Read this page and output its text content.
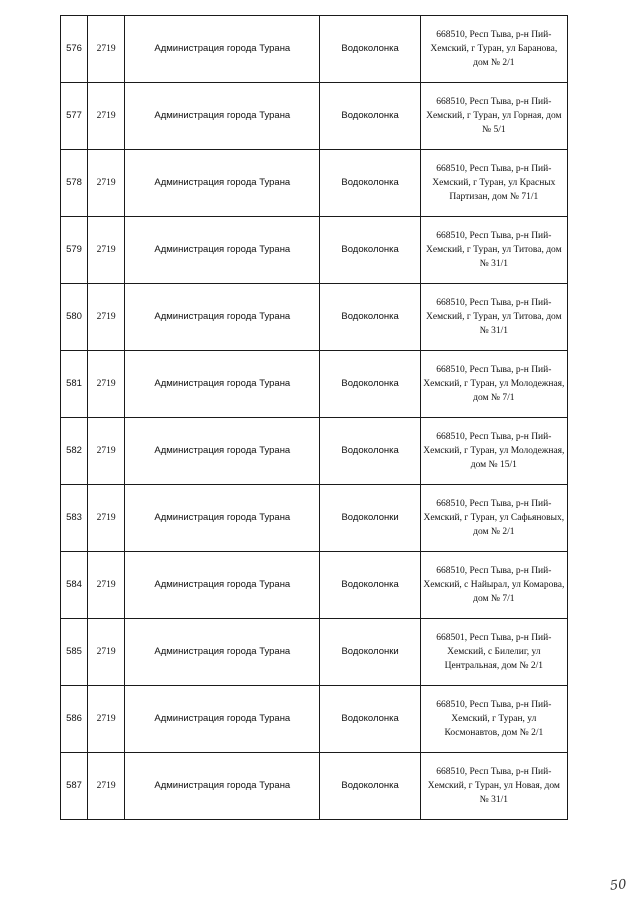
576	2719	Администрация города Турана	Водоколонка	668510, Респ Тыва, р-н Пий-Хемский, г Туран, ул Баранова, дом № 2/1
577	2719	Администрация города Турана	Водоколонка	668510, Респ Тыва, р-н Пий-Хемский, г Туран, ул Горная, дом № 5/1
578	2719	Администрация города Турана	Водоколонка	668510, Респ Тыва, р-н Пий-Хемский, г Туран, ул Красных Партизан, дом № 71/1
579	2719	Администрация города Турана	Водоколонка	668510, Респ Тыва, р-н Пий-Хемский, г Туран, ул Титова, дом № 31/1
580	2719	Администрация города Турана	Водоколонка	668510, Респ Тыва, р-н Пий-Хемский, г Туран, ул Титова, дом № 31/1
581	2719	Администрация города Турана	Водоколонка	668510, Респ Тыва, р-н Пий-Хемский, г Туран, ул Молодежная, дом № 7/1
582	2719	Администрация города Турана	Водоколонка	668510, Респ Тыва, р-н Пий-Хемский, г Туран, ул Молодежная, дом № 15/1
583	2719	Администрация города Турана	Водоколонки	668510, Респ Тыва, р-н Пий-Хемский, г Туран, ул Сафьяновых, дом № 2/1
584	2719	Администрация города Турана	Водоколонка	668510, Респ Тыва, р-н Пий-Хемский, с Найырал, ул Комарова, дом № 7/1
585	2719	Администрация города Турана	Водоколонки	668501, Респ Тыва, р-н Пий-Хемский, с Билелиг, ул Центральная, дом № 2/1
586	2719	Администрация города Турана	Водоколонка	668510, Респ Тыва, р-н Пий-Хемский, г Туран, ул Космонавтов, дом № 2/1
587	2719	Администрация города Турана	Водоколонка	668510, Респ Тыва, р-н Пий-Хемский, г Туран, ул Новая, дом № 31/1
50
